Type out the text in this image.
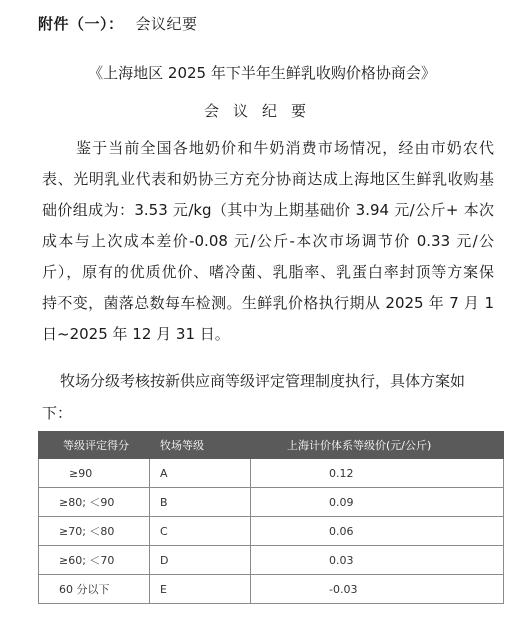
附件（一）： 会议纪要
《上海地区 2025 年下半年生鲜乳收购价格协商会》
会议纪要

鉴于当前全国各地奶价和牛奶消费市场情况，经由市奶农代
表、光明乳业代表和奶协三方充分协商达成上海地区生鲜乳收购基
础价组成为：3.53 元/kg（其中为上期基础价 3.94 元/公斤+ 本次
成本与上次成本差价-0.08 元/公斤-本次市场调节价 0.33 元/公
斤），原有的优质优价、嗜冷菌、乳脂率、乳蛋白率封顶等方案保
持不变，菌落总数每车检测。生鲜乳价格执行期从 2025 年 7 月 1
日~2025 年 12 月 31 日。

牧场分级考核按新供应商等级评定管理制度执行，具体方案如
下：

等级评定得分	牧场等级	上海计价体系等级价(元/公斤)
≥90	A	0.12
≥80; ＜90	B	0.09
≥70; ＜80	C	0.06
≥60; ＜70	D	0.03
60 分以下	E	-0.03
